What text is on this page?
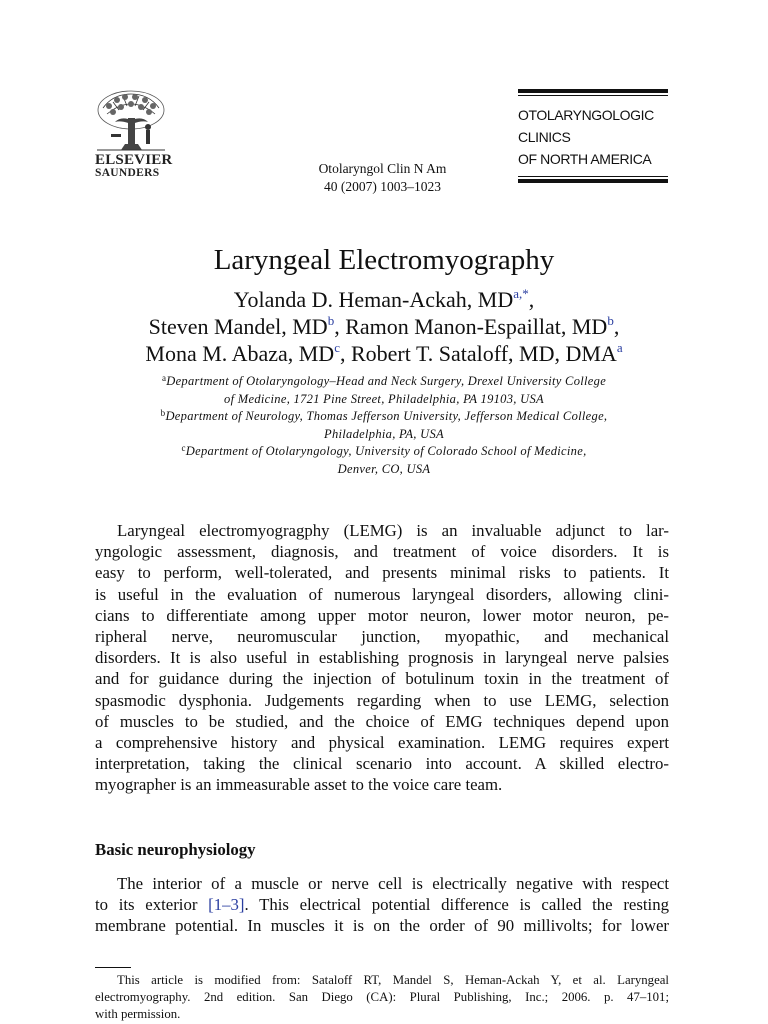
ELSEVIER
SAUNDERS	Otolaryngol Clin N Am
40 (2007) 1003–1023
OTOLARYNGOLOGIC
CLINICS
OF NORTH AMERICA
Laryngeal Electromyography
Yolanda D. Heman-Ackah, $MD^{a,*}$,
Steven Mandel, $MD^b$, Ramon Manon-Espaillat, $MD^b$,
Mona M. Abaza, $MD^c$, Robert T. Sataloff, MD, DMA$^a$
$^a$Department of Otolaryngology–Head and Neck Surgery, Drexel University College
of Medicine, 1721 Pine Street, Philadelphia, PA 19103, USA
$^b$Department of Neurology, Thomas Jefferson University, Jefferson Medical College,
Philadelphia, PA, USA
$^c$Department of Otolaryngology, University of Colorado School of Medicine,
Denver, CO, USA
Laryngeal electromyogragphy (LEMG) is an invaluable adjunct to lar-
yngologic assessment, diagnosis, and treatment of voice disorders. It is
easy to perform, well-tolerated, and presents minimal risks to patients. It
is useful in the evaluation of numerous laryngeal disorders, allowing clini-
cians to differentiate among upper motor neuron, lower motor neuron, pe-
ripheral nerve, neuromuscular junction, myopathic, and mechanical
disorders. It is also useful in establishing prognosis in laryngeal nerve palsies
and for guidance during the injection of botulinum toxin in the treatment of
spasmodic dysphonia. Judgements regarding when to use LEMG, selection
of muscles to be studied, and the choice of EMG techniques depend upon
a comprehensive history and physical examination. LEMG requires expert
interpretation, taking the clinical scenario into account. A skilled electro-
myographer is an immeasurable asset to the voice care team.
Basic neurophysiology
The interior of a muscle or nerve cell is electrically negative with respect
to its exterior [1–3]. This electrical potential difference is called the resting
membrane potential. In muscles it is on the order of 90 millivolts; for lower
This article is modified from: Sataloff RT, Mandel S, Heman-Ackah Y, et al. Laryngeal
electromyography. 2nd edition. San Diego (CA): Plural Publishing, Inc.; 2006. p. 47–101;
with permission.
